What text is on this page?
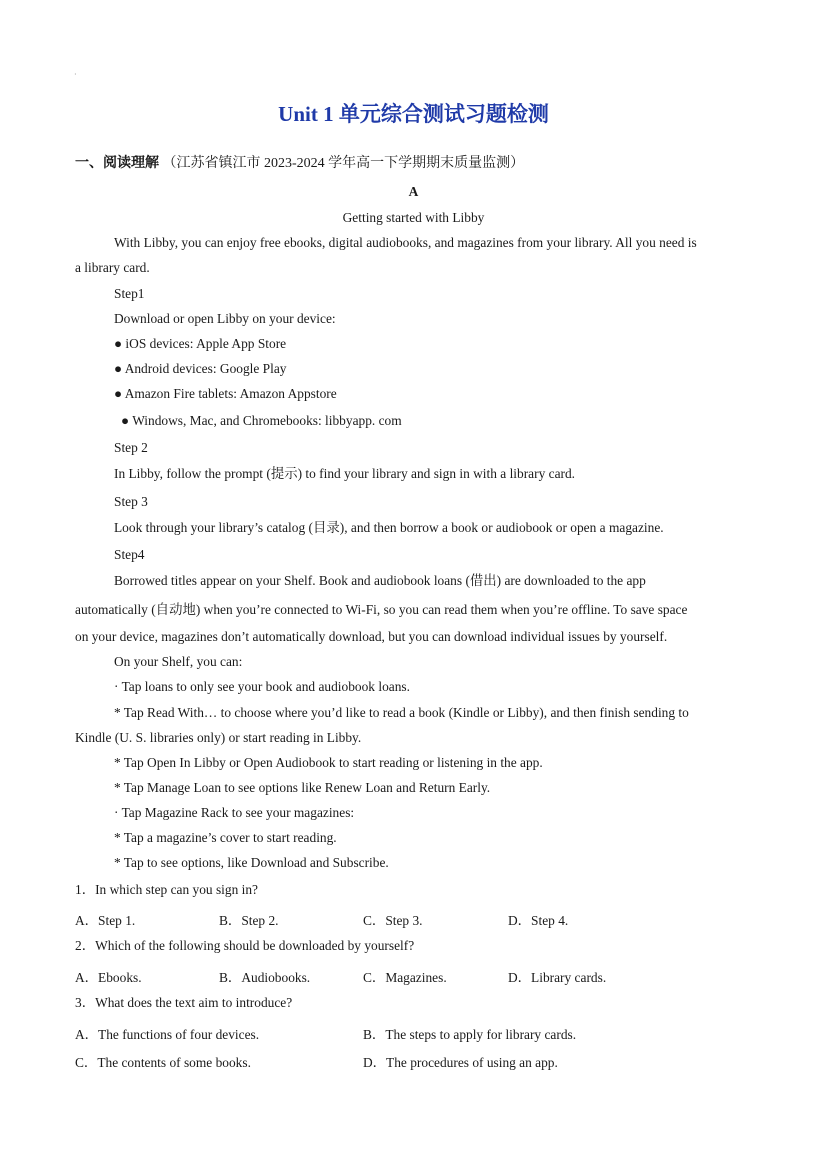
·
Unit 1 单元综合测试习题检测
一、阅读理解 （江苏省镇江市 2023-2024 学年高一下学期期末质量监测）
A
Getting started with Libby
With Libby, you can enjoy free ebooks, digital audiobooks, and magazines from your library. All you need is
a library card.
Step1
Download or open Libby on your device:
● iOS devices: Apple App Store
● Android devices: Google Play
● Amazon Fire tablets: Amazon Appstore
● Windows, Mac, and Chromebooks: libbyapp. com
Step 2
In Libby, follow the prompt (提示) to find your library and sign in with a library card.
Step 3
Look through your library’s catalog (目录), and then borrow a book or audiobook or open a magazine.
Step4
Borrowed titles appear on your Shelf. Book and audiobook loans (借出) are downloaded to the app
automatically (自动地) when you’re connected to Wi-Fi, so you can read them when you’re offline. To save space
on your device, magazines don’t automatically download, but you can download individual issues by yourself.
On your Shelf, you can:
· Tap loans to only see your book and audiobook loans.
* Tap Read With… to choose where you’d like to read a book (Kindle or Libby), and then finish sending to
Kindle (U. S. libraries only) or start reading in Libby.
* Tap Open In Libby or Open Audiobook to start reading or listening in the app.
* Tap Manage Loan to see options like Renew Loan and Return Early.
· Tap Magazine Rack to see your magazines:
* Tap a magazine’s cover to start reading.
* Tap to see options, like Download and Subscribe.
1．In which step can you sign in?
A．Step 1.	B．Step 2.	C．Step 3.	D．Step 4.
2．Which of the following should be downloaded by yourself?
A．Ebooks.	B．Audiobooks.	C．Magazines.	D．Library cards.
3．What does the text aim to introduce?
A．The functions of four devices.	B．The steps to apply for library cards.
C．The contents of some books.	D．The procedures of using an app.
